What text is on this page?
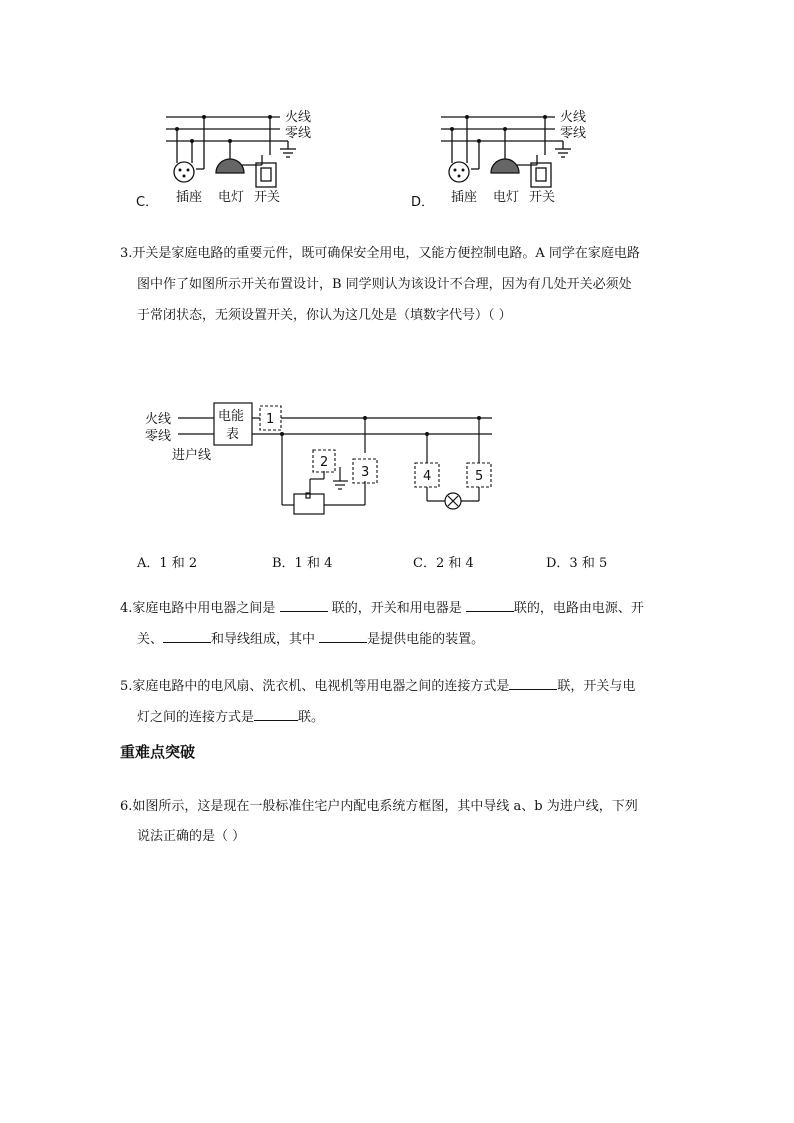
火线
零线
插座 电灯 开关
C．
火线
零线
插座 电灯 开关
D．
3.开关是家庭电路的重要元件，既可确保安全用电，又能方便控制电路。A 同学在家庭电路
图中作了如图所示开关布置设计，B 同学则认为该设计不合理，因为有几处开关必须处
于常闭状态，无须设置开关，你认为这几处是（填数字代号）（ ）
火线
零线
进户线
电能
表
1
2
3	4	5
A．1 和 2	B．1 和 4	C．2 和 4	D．3 和 5
4.家庭电路中用电器之间是	联的，开关和用电器是	联的，电路由电源、开
关、	和导线组成，其中	是提供电能的装置。
5.家庭电路中的电风扇、洗衣机、电视机等用电器之间的连接方式是	联，开关与电
灯之间的连接方式是	联。
重难点突破
6.如图所示，这是现在一般标准住宅户内配电系统方框图，其中导线 a、b 为进户线，下列
说法正确的是（ ）
